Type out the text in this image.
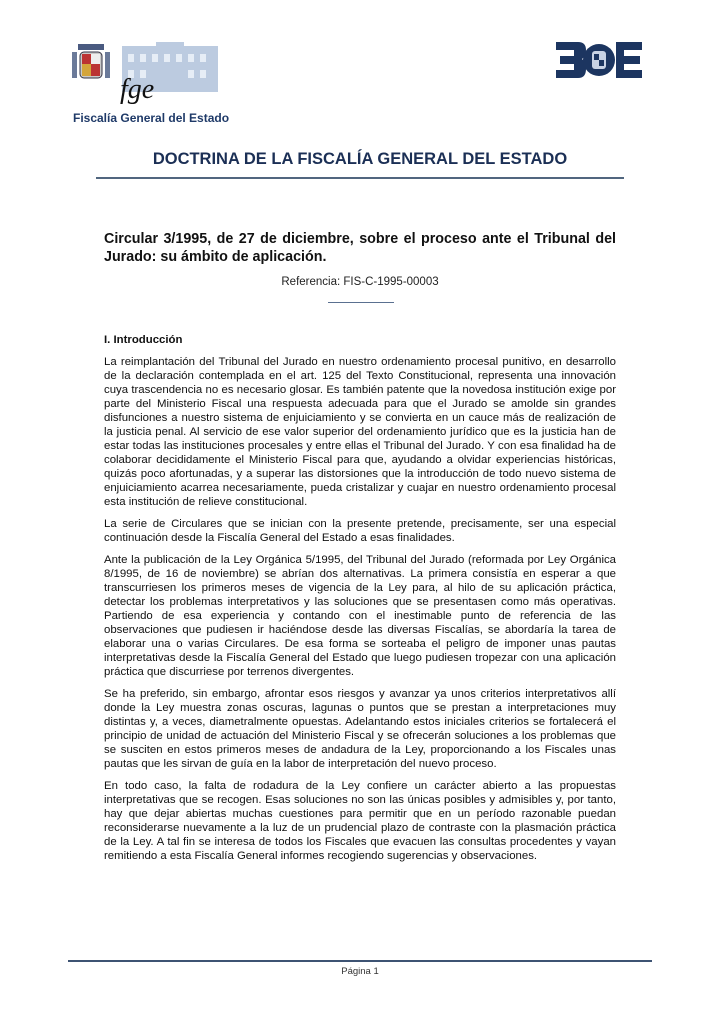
fge
Fiscalía General del Estado
DOCTRINA DE LA FISCALÍA GENERAL DEL ESTADO
Circular 3/1995, de 27 de diciembre, sobre el proceso ante el Tribunal del Jurado: su ámbito de aplicación.
Referencia: FIS-C-1995-00003
I. Introducción

La reimplantación del Tribunal del Jurado en nuestro ordenamiento procesal punitivo, en desarrollo de la declaración contemplada en el art. 125 del Texto Constitucional, representa una innovación cuya trascendencia no es necesario glosar. Es también patente que la novedosa institución exige por parte del Ministerio Fiscal una respuesta adecuada para que el Jurado se amolde sin grandes disfunciones a nuestro sistema de enjuiciamiento y se convierta en un cauce más de realización de la justicia penal. Al servicio de ese valor superior del ordenamiento jurídico que es la justicia han de estar todas las instituciones procesales y entre ellas el Tribunal del Jurado. Y con esa finalidad ha de colaborar decididamente el Ministerio Fiscal para que, ayudando a olvidar experiencias históricas, quizás poco afortunadas, y a superar las distorsiones que la introducción de todo nuevo sistema de enjuiciamiento acarrea necesariamente, pueda cristalizar y cuajar en nuestro ordenamiento procesal esta institución de relieve constitucional.

La serie de Circulares que se inician con la presente pretende, precisamente, ser una especial continuación desde la Fiscalía General del Estado a esas finalidades.

Ante la publicación de la Ley Orgánica 5/1995, del Tribunal del Jurado (reformada por Ley Orgánica 8/1995, de 16 de noviembre) se abrían dos alternativas. La primera consistía en esperar a que transcurriesen los primeros meses de vigencia de la Ley para, al hilo de su aplicación práctica, detectar los problemas interpretativos y las soluciones que se presentasen como más operativas. Partiendo de esa experiencia y contando con el inestimable punto de referencia de las observaciones que pudiesen ir haciéndose desde las diversas Fiscalías, se abordaría la tarea de elaborar una o varias Circulares. De esa forma se sorteaba el peligro de imponer unas pautas interpretativas desde la Fiscalía General del Estado que luego pudiesen tropezar con una aplicación práctica que discurriese por terrenos divergentes.

Se ha preferido, sin embargo, afrontar esos riesgos y avanzar ya unos criterios interpretativos allí donde la Ley muestra zonas oscuras, lagunas o puntos que se prestan a interpretaciones muy distintas y, a veces, diametralmente opuestas. Adelantando estos iniciales criterios se fortalecerá el principio de unidad de actuación del Ministerio Fiscal y se ofrecerán soluciones a los problemas que se susciten en estos primeros meses de andadura de la Ley, proporcionando a los Fiscales unas pautas que les sirvan de guía en la labor de interpretación del nuevo proceso.

En todo caso, la falta de rodadura de la Ley confiere un carácter abierto a las propuestas interpretativas que se recogen. Esas soluciones no son las únicas posibles y admisibles y, por tanto, hay que dejar abiertas muchas cuestiones para permitir que en un período razonable puedan reconsiderarse nuevamente a la luz de un prudencial plazo de contraste con la plasmación práctica de la Ley. A tal fin se interesa de todos los Fiscales que evacuen las consultas procedentes y vayan remitiendo a esta Fiscalía General informes recogiendo sugerencias y observaciones.

Página 1
